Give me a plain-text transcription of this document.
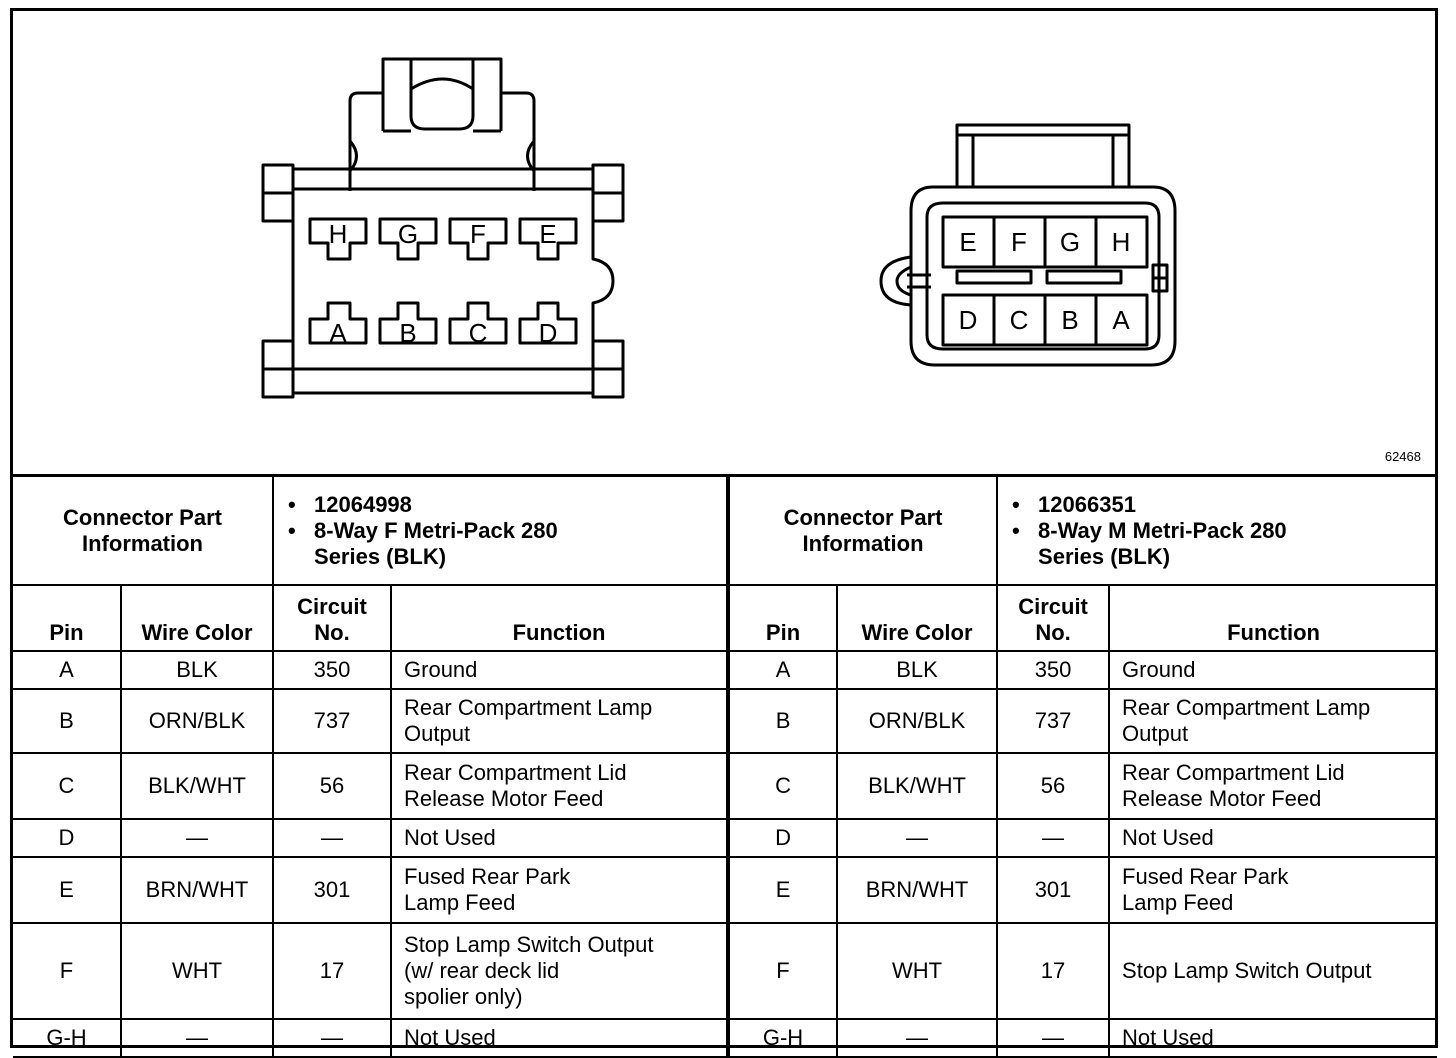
H G F E
A B C D
E F G H
D C B A
62468
Connector Part Information		• 12064998
• 8-Way F Metri-Pack 280
Series (BLK)	

Pin	Wire Color	Circuit
No.	Function
A	BLK	350	Ground

B	ORN/BLK	737	Rear Compartment Lamp
Output

C	BLK/WHT	56	Rear Compartment Lid
Release Motor Feed

D	—	—	Not Used

E	BRN/WHT	301	Fused Rear Park
Lamp Feed

F	WHT	17	Stop Lamp Switch Output
(w/ rear deck lid
spolier only)

G-H	—	—	Not Used
Connector Part Information		• 12066351
• 8-Way M Metri-Pack 280
Series (BLK)	

Pin	Wire Color	Circuit
No.	Function
A	BLK	350	Ground

B	ORN/BLK	737	Rear Compartment Lamp
Output

C	BLK/WHT	56	Rear Compartment Lid
Release Motor Feed

D	—	—	Not Used

E	BRN/WHT	301	Fused Rear Park
Lamp Feed

F	WHT	17	Stop Lamp Switch Output

G-H	—	—	Not Used
